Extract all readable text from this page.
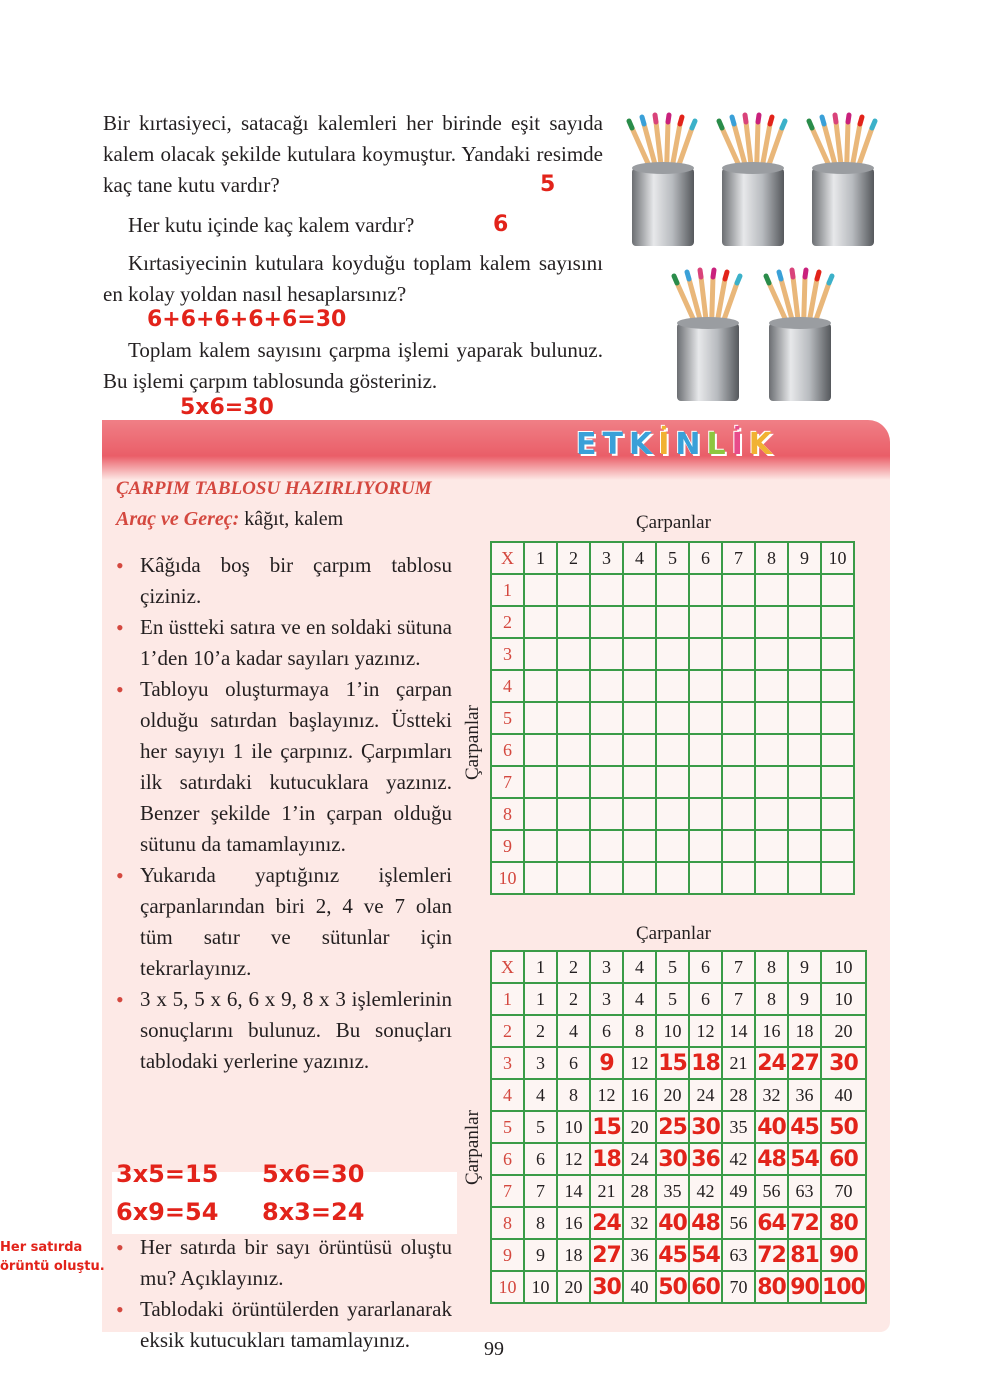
Bir kırtasiyeci, satacağı kalemleri her birinde eşit sayıda kalem olacak şekilde kutulara koymuştur. Yandaki resimde kaç tane kutu vardır?	5
Her kutu içinde kaç kalem vardır?	6
Kırtasiyecinin kutulara koyduğu toplam kalem sayısını en kolay yoldan nasıl hesaplarsınız?
6+6+6+6+6=30
Toplam kalem sayısını çarpma işlemi yaparak bulunuz. Bu işlemi çarpım tablosunda gösteriniz.
5x6=30
E T K İ N L İ K
ÇARPIM TABLOSU HAZIRLIYORUM
Araç ve Gereç: kâğıt, kalem
• Kâğıda boş bir çarpım tablosu çiziniz.
• En üstteki satıra ve en soldaki sütuna 1’den 10’a kadar sayıları yazınız.
• Tabloyu oluşturmaya 1’in çarpan olduğu satırdan başlayınız. Üstteki her sayıyı 1 ile çarpınız. Çarpımları ilk satırdaki kutucuklara yazınız. Benzer şekilde 1’in çarpan olduğu sütunu da tamamlayınız.
• Yukarıda yaptığınız işlemleri çarpanlarından biri 2, 4 ve 7 olan tüm satır ve sütunlar için tekrarlayınız.
• 3 x 5, 5 x 6, 6 x 9, 8 x 3 işlemlerinin sonuçlarını bulunuz. Bu sonuçları tablodaki yerlerine yazınız.
3x5=15 5x6=30
6x9=54 8x3=24
• Her satırda bir sayı örüntüsü oluştu mu? Açıklayınız.
• Tablodaki örüntülerden yararlanarak eksik kutucukları tamamlayınız.
Her satırda örüntü oluştu.
Çarpanlar
Çarpanlar
X	1	2	3	4	5	6	7	8	9	10
1										
2										
3										
4										
5										
6										
7										
8										
9										
10										
Çarpanlar
Çarpanlar
X	1	2	3	4	5	6	7	8	9	10
1	1	2	3	4	5	6	7	8	9	10
2	2	4	6	8	10	12	14	16	18	20
3	3	6	9	12	15	18	21	24	27	30
4	4	8	12	16	20	24	28	32	36	40
5	5	10	15	20	25	30	35	40	45	50
6	6	12	18	24	30	36	42	48	54	60
7	7	14	21	28	35	42	49	56	63	70
8	8	16	24	32	40	48	56	64	72	80
9	9	18	27	36	45	54	63	72	81	90
10	10	20	30	40	50	60	70	80	90	100
99
